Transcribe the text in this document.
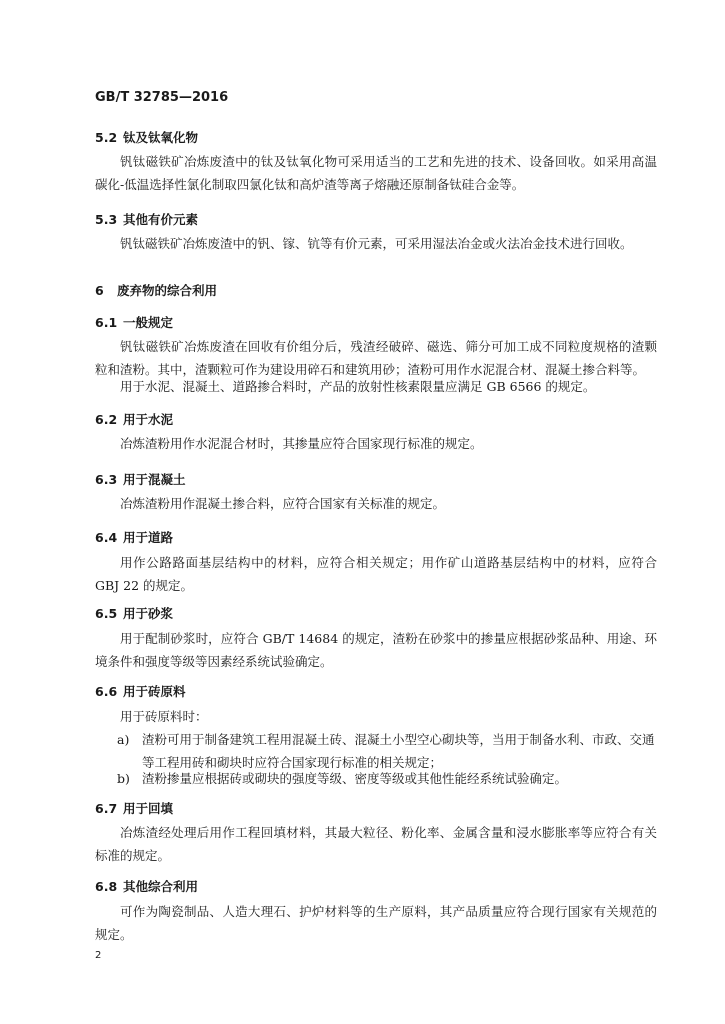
GB/T 32785—2016
5.2 钛及钛氧化物

钒钛磁铁矿冶炼废渣中的钛及钛氧化物可采用适当的工艺和先进的技术、设备回收。如采用高温碳化-低温选择性氯化制取四氯化钛和高炉渣等离子熔融还原制备钛硅合金等。

5.3 其他有价元素

钒钛磁铁矿冶炼废渣中的钒、镓、钪等有价元素，可采用湿法冶金或火法冶金技术进行回收。

6 废弃物的综合利用
6.1 一般规定

钒钛磁铁矿冶炼废渣在回收有价组分后，残渣经破碎、磁选、筛分可加工成不同粒度规格的渣颗粒和渣粉。其中，渣颗粒可作为建设用碎石和建筑用砂；渣粉可用作水泥混合材、混凝土掺合料等。

用于水泥、混凝土、道路掺合料时，产品的放射性核素限量应满足 GB 6566 的规定。

6.2 用于水泥

冶炼渣粉用作水泥混合材时，其掺量应符合国家现行标准的规定。

6.3 用于混凝土

冶炼渣粉用作混凝土掺合料，应符合国家有关标准的规定。

6.4 用于道路

用作公路路面基层结构中的材料，应符合相关规定；用作矿山道路基层结构中的材料，应符合 GBJ 22 的规定。

6.5 用于砂浆

用于配制砂浆时，应符合 GB/T 14684 的规定，渣粉在砂浆中的掺量应根据砂浆品种、用途、环境条件和强度等级等因素经系统试验确定。

6.6 用于砖原料

用于砖原料时：

a) 渣粉可用于制备建筑工程用混凝土砖、混凝土小型空心砌块等，当用于制备水利、市政、交通等工程用砖和砌块时应符合国家现行标准的相关规定；

b) 渣粉掺量应根据砖或砌块的强度等级、密度等级或其他性能经系统试验确定。

6.7 用于回填

冶炼渣经处理后用作工程回填材料，其最大粒径、粉化率、金属含量和浸水膨胀率等应符合有关标准的规定。

6.8 其他综合利用

可作为陶瓷制品、人造大理石、护炉材料等的生产原料，其产品质量应符合现行国家有关规范的规定。

2
